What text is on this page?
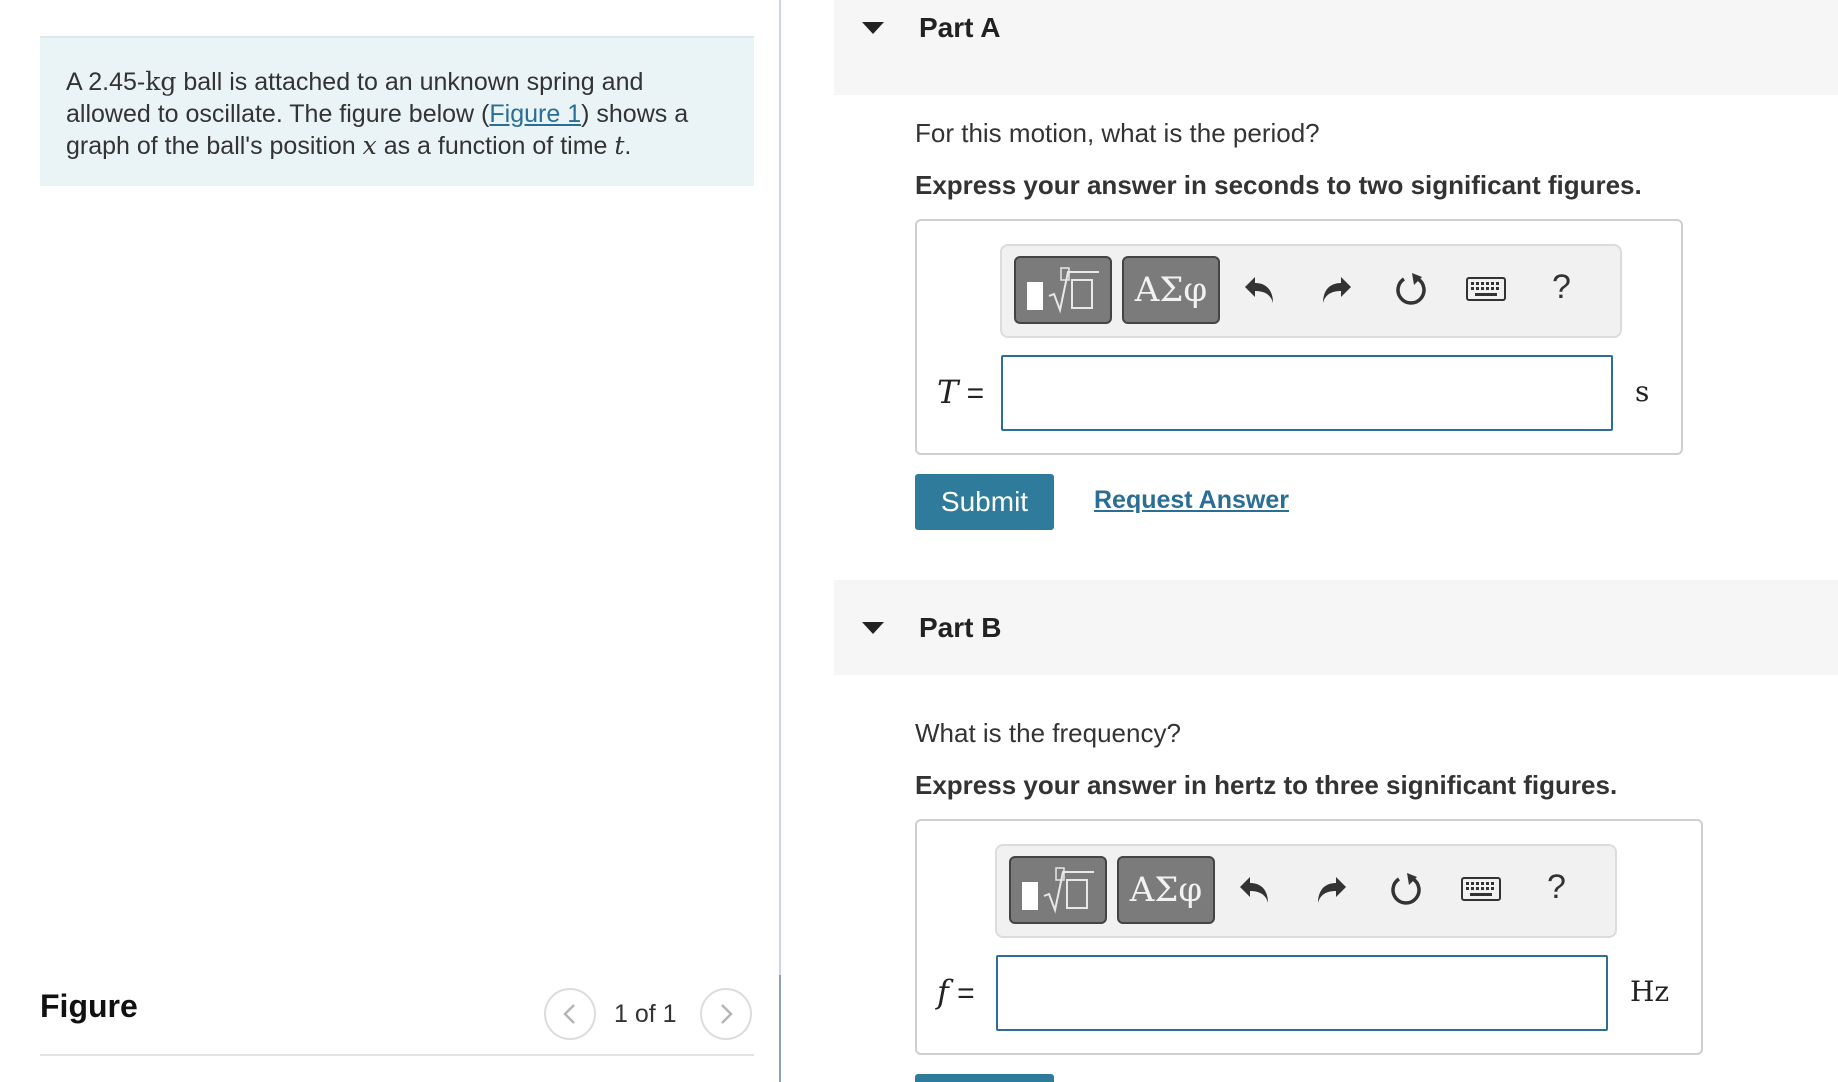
A 2.45-kg ball is attached to an unknown spring and allowed to oscillate. The figure below (Figure 1) shows a graph of the ball's position x as a function of time t.
Figure	1 of 1
Part A
For this motion, what is the period?
Express your answer in seconds to two significant figures.
ΑΣφ	?
T =	s
Submit	Request Answer
Part B
What is the frequency?
Express your answer in hertz to three significant figures.
ΑΣφ	?
f =	Hz
